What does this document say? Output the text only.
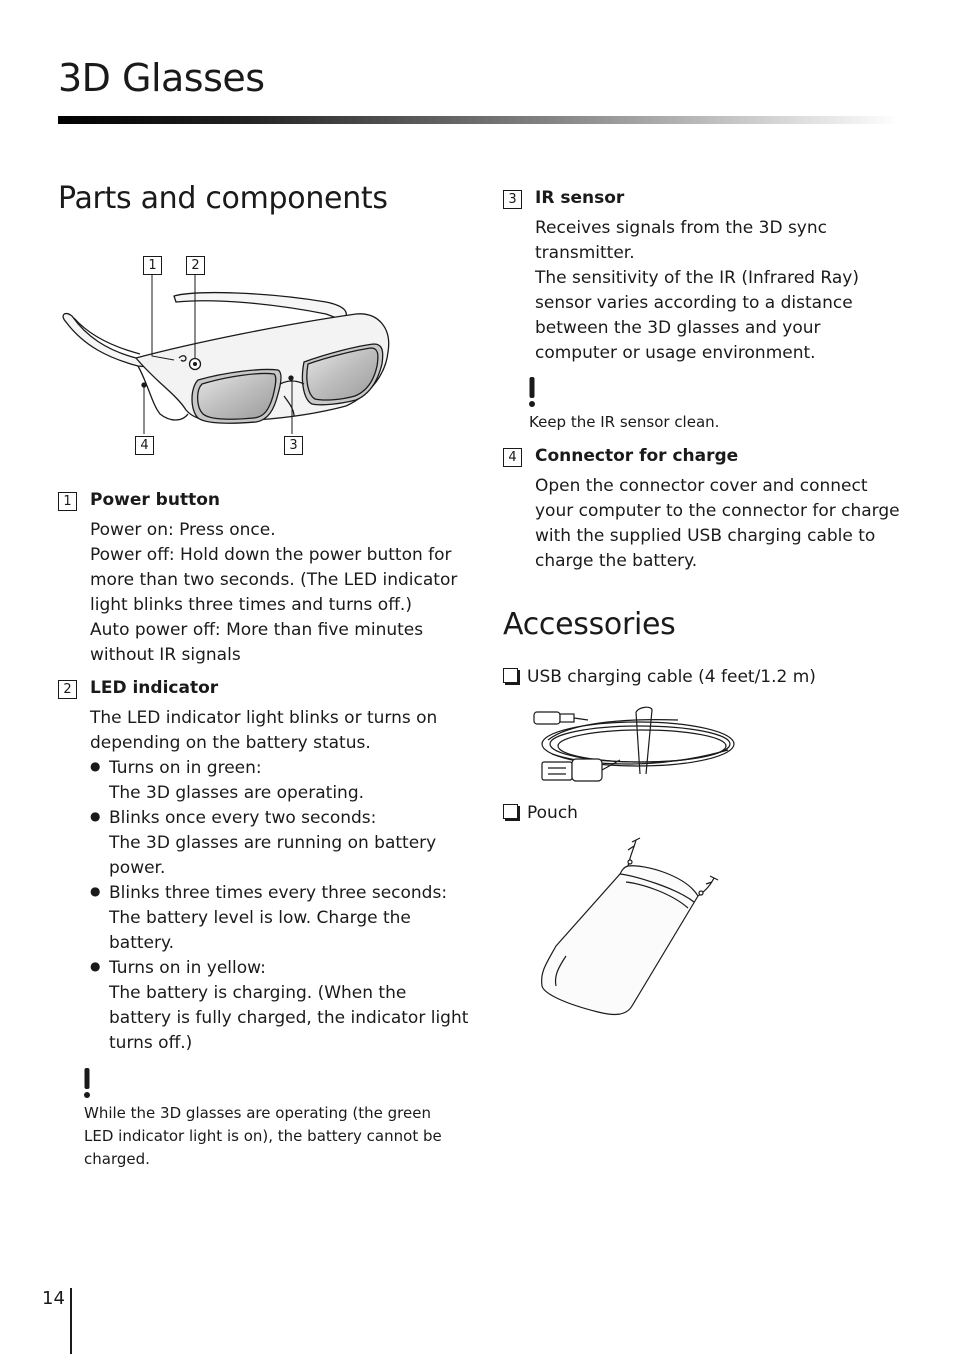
3D Glasses
Parts and components
1	2
3
4
1	Power button

Power on: Press once.

Power off: Hold down the power button for more than two seconds. (The LED indicator light blinks three times and turns off.)

Auto power off: More than five minutes without IR signals

2	LED indicator

The LED indicator light blinks or turns on depending on the battery status.

● Turns on in green:
The 3D glasses are operating.
● Blinks once every two seconds:
The 3D glasses are running on battery power.
● Blinks three times every three seconds:
The battery level is low. Charge the battery.
● Turns on in yellow:
The battery is charging. (When the battery is fully charged, the indicator light turns off.)
While the 3D glasses are operating (the green LED indicator light is on), the battery cannot be charged.
3	IR sensor

Receives signals from the 3D sync transmitter.

The sensitivity of the IR (Infrared Ray) sensor varies according to a distance between the 3D glasses and your computer or usage environment.

Keep the IR sensor clean.
4	Connector for charge

Open the connector cover and connect your computer to the connector for charge with the supplied USB charging cable to charge the battery.

Accessories
USB charging cable (4 feet/1.2 m)
Pouch
14
